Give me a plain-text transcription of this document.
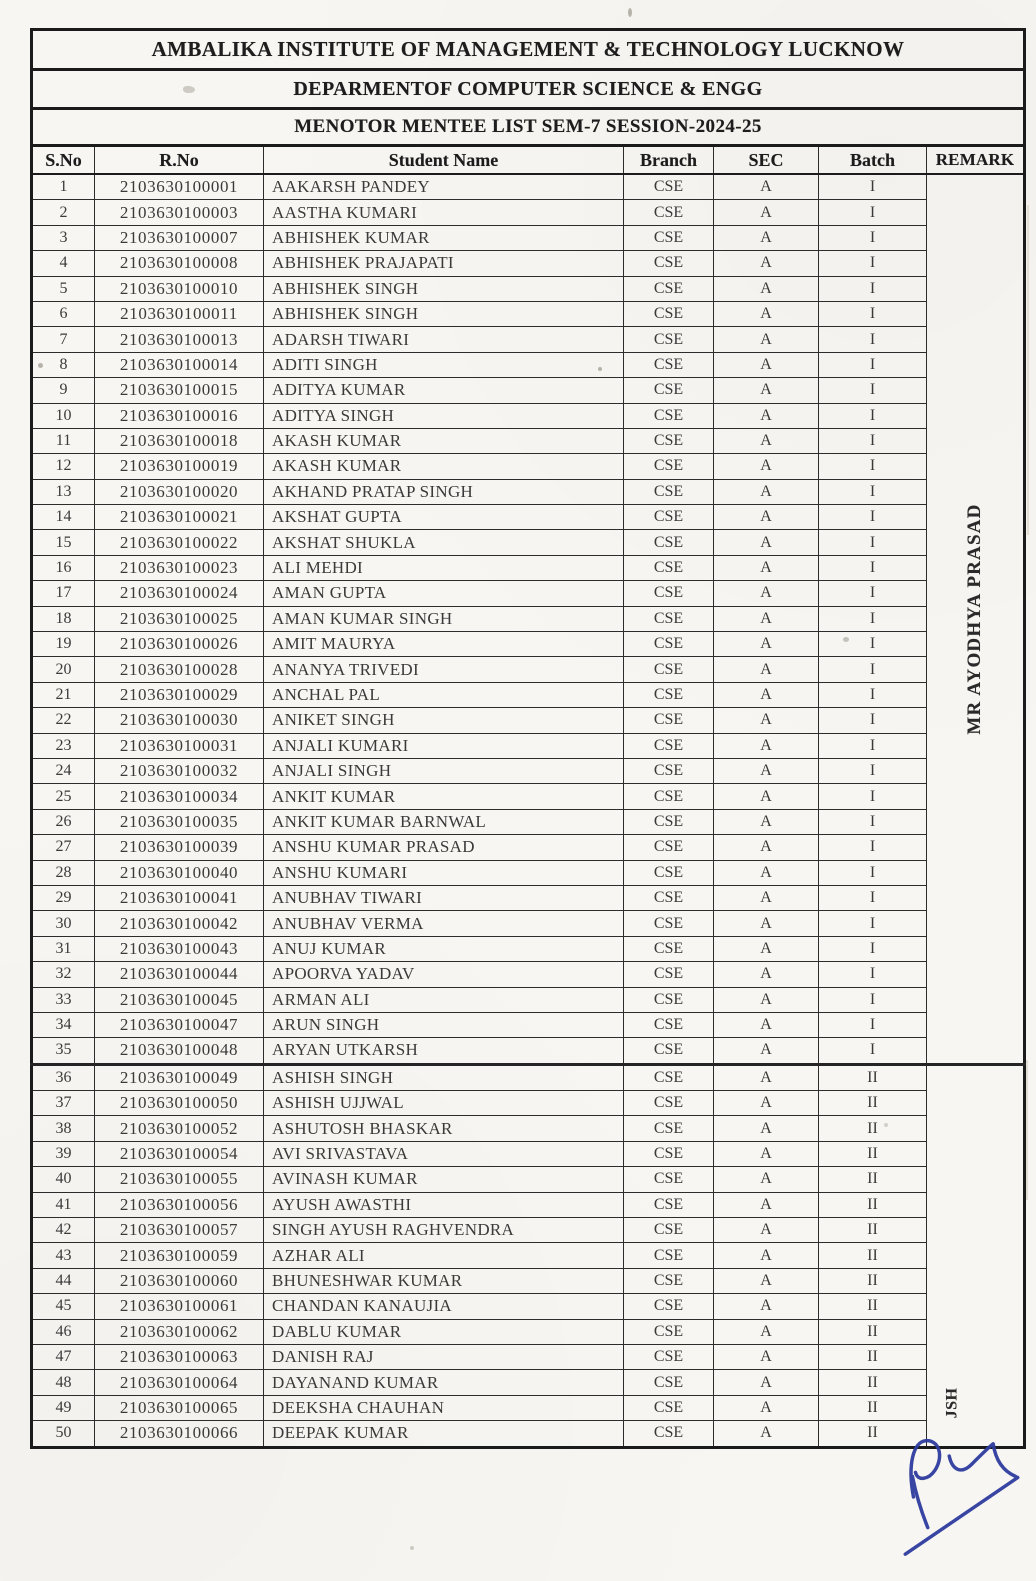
AMBALIKA INSTITUTE OF MANAGEMENT & TECHNOLOGY LUCKNOW						
DEPARMENTOF COMPUTER SCIENCE & ENGG						
MENOTOR MENTEE LIST SEM-7 SESSION-2024-25						
S.No	R.No	Student Name	Branch	SEC	Batch	REMARK
1	2103630100001	AAKARSH PANDEY	CSE	A	I	MR AYODHYA PRASAD

2	2103630100003	AASTHA KUMARI	CSE	A	I	
3	2103630100007	ABHISHEK KUMAR	CSE	A	I	
4	2103630100008	ABHISHEK PRAJAPATI	CSE	A	I	
5	2103630100010	ABHISHEK SINGH	CSE	A	I	
6	2103630100011	ABHISHEK SINGH	CSE	A	I	
7	2103630100013	ADARSH TIWARI	CSE	A	I	
8	2103630100014	ADITI SINGH	CSE	A	I	
9	2103630100015	ADITYA KUMAR	CSE	A	I	
10	2103630100016	ADITYA SINGH	CSE	A	I	
11	2103630100018	AKASH KUMAR	CSE	A	I	
12	2103630100019	AKASH KUMAR	CSE	A	I	
13	2103630100020	AKHAND PRATAP SINGH	CSE	A	I	
14	2103630100021	AKSHAT GUPTA	CSE	A	I	
15	2103630100022	AKSHAT SHUKLA	CSE	A	I	
16	2103630100023	ALI MEHDI	CSE	A	I	
17	2103630100024	AMAN GUPTA	CSE	A	I	
18	2103630100025	AMAN KUMAR SINGH	CSE	A	I	
19	2103630100026	AMIT MAURYA	CSE	A	I	
20	2103630100028	ANANYA TRIVEDI	CSE	A	I	
21	2103630100029	ANCHAL PAL	CSE	A	I	
22	2103630100030	ANIKET SINGH	CSE	A	I	
23	2103630100031	ANJALI KUMARI	CSE	A	I	
24	2103630100032	ANJALI SINGH	CSE	A	I	
25	2103630100034	ANKIT KUMAR	CSE	A	I	
26	2103630100035	ANKIT KUMAR BARNWAL	CSE	A	I	
27	2103630100039	ANSHU KUMAR PRASAD	CSE	A	I	
28	2103630100040	ANSHU KUMARI	CSE	A	I	
29	2103630100041	ANUBHAV TIWARI	CSE	A	I	
30	2103630100042	ANUBHAV VERMA	CSE	A	I	
31	2103630100043	ANUJ KUMAR	CSE	A	I	
32	2103630100044	APOORVA YADAV	CSE	A	I	
33	2103630100045	ARMAN ALI	CSE	A	I	
34	2103630100047	ARUN SINGH	CSE	A	I	
35	2103630100048	ARYAN UTKARSH	CSE	A	I	
36	2103630100049	ASHISH SINGH	CSE	A	II	JSH

37	2103630100050	ASHISH UJJWAL	CSE	A	II	
38	2103630100052	ASHUTOSH BHASKAR	CSE	A	II	
39	2103630100054	AVI SRIVASTAVA	CSE	A	II	
40	2103630100055	AVINASH KUMAR	CSE	A	II	
41	2103630100056	AYUSH AWASTHI	CSE	A	II	
42	2103630100057	SINGH AYUSH RAGHVENDRA	CSE	A	II	
43	2103630100059	AZHAR ALI	CSE	A	II	
44	2103630100060	BHUNESHWAR KUMAR	CSE	A	II	
45	2103630100061	CHANDAN KANAUJIA	CSE	A	II	
46	2103630100062	DABLU KUMAR	CSE	A	II	
47	2103630100063	DANISH RAJ	CSE	A	II	
48	2103630100064	DAYANAND KUMAR	CSE	A	II	
49	2103630100065	DEEKSHA CHAUHAN	CSE	A	II	
50	2103630100066	DEEPAK KUMAR	CSE	A	II	
